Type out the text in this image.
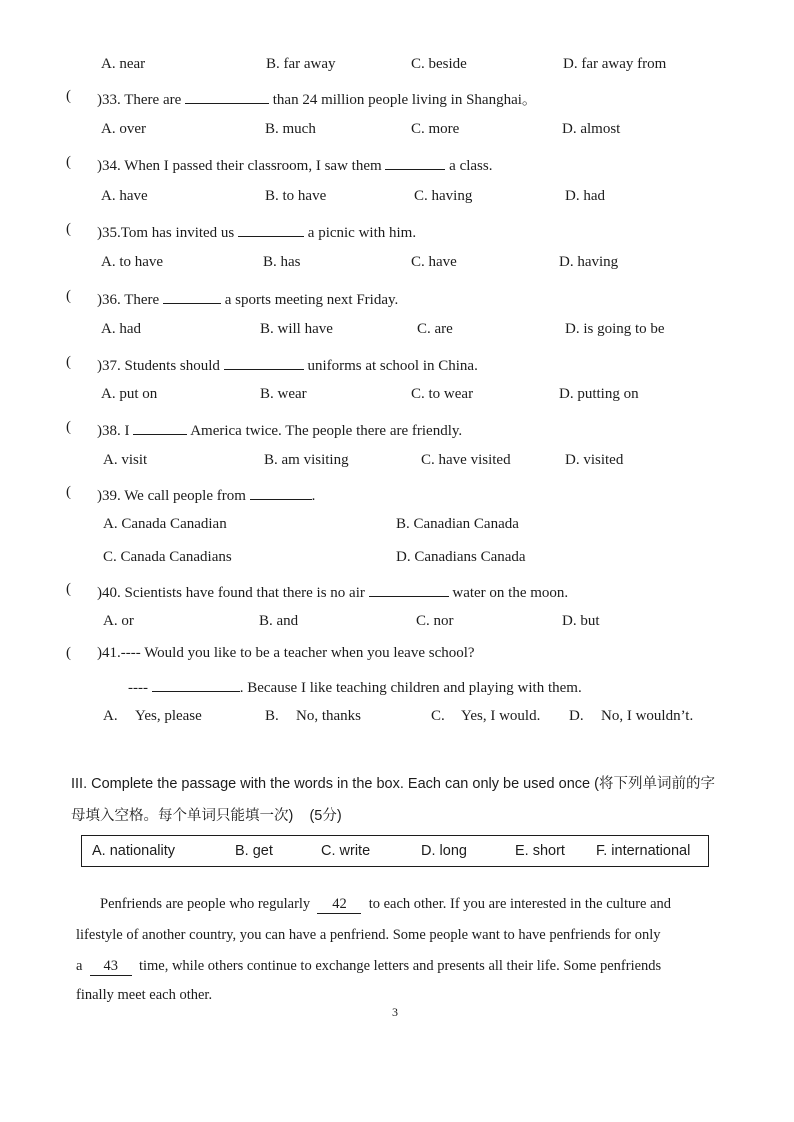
A. near	B. far away	C. beside	D. far away from
( )33. There are	than 24 million people living in Shanghai。
A. over	B. much	C. more	D. almost
( )34. When I passed their classroom, I saw them	a class.
A. have	B. to have	C. having	D. had
( )35.Tom has invited us	a picnic with him.
A. to have	B. has	C. have	D. having
( )36. There	a sports meeting next Friday.
A. had	B. will have	C. are	D. is going to be
( )37. Students should	uniforms at school in China.
A. put on	B. wear	C. to wear	D. putting on
( )38. I	America twice. The people there are friendly.
A. visit	B. am visiting	C. have visited	D. visited
( )39. We call people from	.
A. Canada Canadian	B. Canadian Canada
C. Canada Canadians	D. Canadians Canada
( )40. Scientists have found that there is no air	water on the moon.
A. or	B. and	C. nor	D. but
( )41.---- Would you like to be a teacher when you leave school?
----	. Because I like teaching children and playing with them.
A. Yes, please	B. No, thanks	C. Yes, I would. D. No, I wouldn’t.
III. Complete the passage with the words in the box. Each can only be used once (将下列单词前的字
母填入空格。每个单词只能填一次)    (5分)
A. nationality	B. get	C. write	D. long	E. short F. international
Penfriends are people who regularly 42 to each other. If you are interested in the culture and
lifestyle of another country, you can have a penfriend. Some people want to have penfriends for only
a 43 time, while others continue to exchange letters and presents all their life. Some penfriends
finally meet each other.
3
